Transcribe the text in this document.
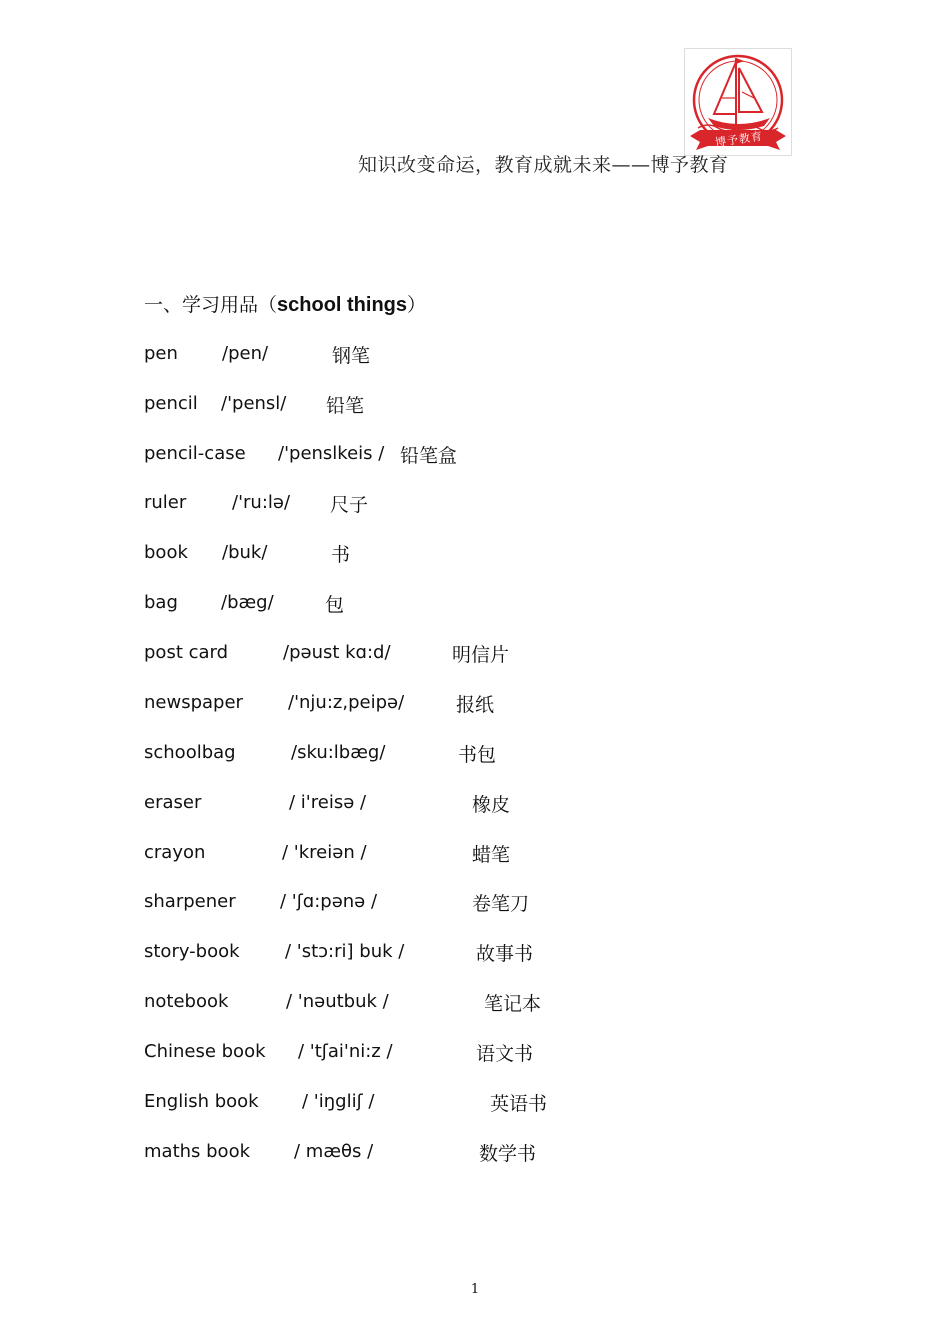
博予教育
知识改变命运，教育成就未来——博予教育
一、学习用品（school things）
pen /pen/	钢笔
pencil /'pensl/ 铅笔
pencil-case /'penslkeis / 铅笔盒
ruler	/'ru:lə/ 尺子
book /buk/	书
bag /bæg/	包
post card	/pəust kɑ:d/	明信片
newspaper	/'nju:z,peipə/	报纸
schoolbag	/sku:lbæg/	书包
eraser	/ i'reisə /	橡皮
crayon	/ 'kreiən /	蜡笔
sharpener / 'ʃɑ:pənə /	卷笔刀
story-book	/ 'stɔ:ri] buk /	故事书
notebook	/ 'nəutbuk /	笔记本
Chinese book / 'tʃai'ni:z /	语文书
English book / 'iŋgliʃ /	英语书
maths book / mæθs /	数学书
1
